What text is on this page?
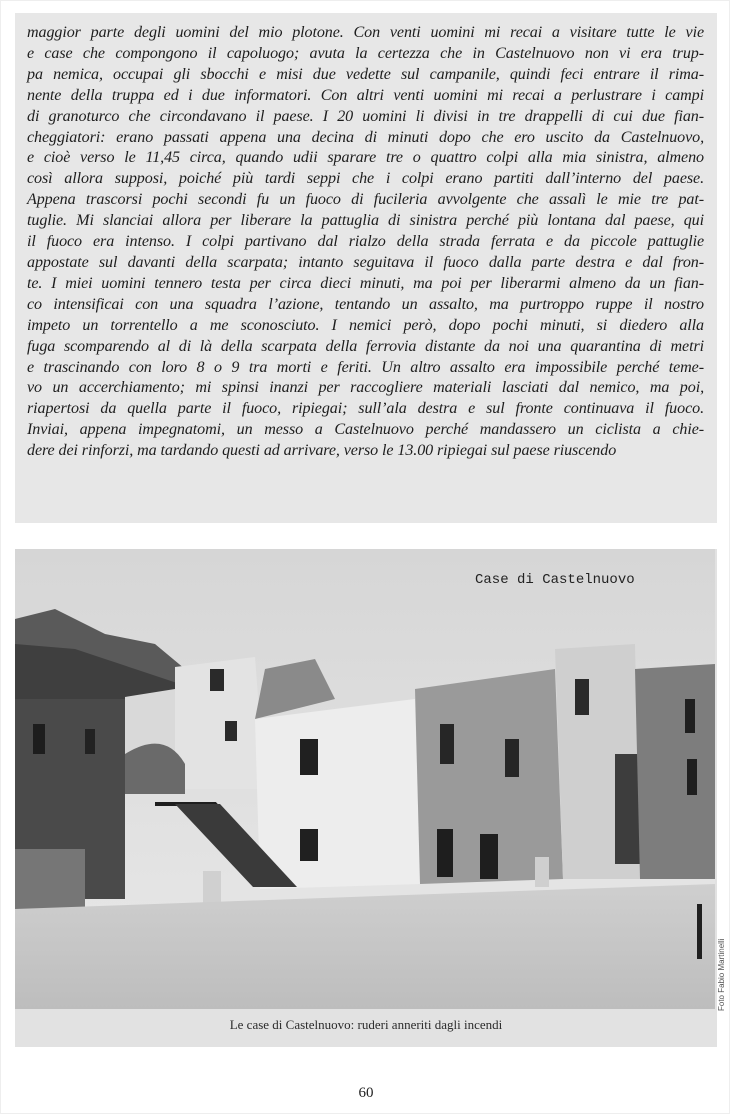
maggior parte degli uomini del mio plotone. Con venti uomini mi recai a visitare tutte le vie
e case che compongono il capoluogo; avuta la certezza che in Castelnuovo non vi era trup-
pa nemica, occupai gli sbocchi e misi due vedette sul campanile, quindi feci entrare il rima-
nente della truppa ed i due informatori. Con altri venti uomini mi recai a perlustrare i campi
di granoturco che circondavano il paese. I 20 uomini li divisi in tre drappelli di cui due fian-
cheggiatori: erano passati appena una decina di minuti dopo che ero uscito da Castelnuovo,
e cioè verso le 11,45 circa, quando udii sparare tre o quattro colpi alla mia sinistra, almeno
così allora supposi, poiché più tardi seppi che i colpi erano partiti dall’interno del paese.
Appena trascorsi pochi secondi fu un fuoco di fucileria avvolgente che assalì le mie tre pat-
tuglie. Mi slanciai allora per liberare la pattuglia di sinistra perché più lontana dal paese, qui
il fuoco era intenso. I colpi partivano dal rialzo della strada ferrata e da piccole pattuglie
appostate sul davanti della scarpata; intanto seguitava il fuoco dalla parte destra e dal fron-
te. I miei uomini tennero testa per circa dieci minuti, ma poi per liberarmi almeno da un fian-
co intensificai con una squadra l’azione, tentando un assalto, ma purtroppo ruppe il nostro
impeto un torrentello a me sconosciuto. I nemici però, dopo pochi minuti, si diedero alla
fuga scomparendo al di là della scarpata della ferrovia distante da noi una quarantina di metri
e trascinando con loro 8 o 9 tra morti e feriti. Un altro assalto era impossibile perché teme-
vo un accerchiamento; mi spinsi inanzi per raccogliere materiali lasciati dal nemico, ma poi,
riapertosi da quella parte il fuoco, ripiegai; sull’ala destra e sul fronte continuava il fuoco.
Inviai, appena impegnatomi, un messo a Castelnuovo perché mandassero un ciclista a chie-
dere dei rinforzi, ma tardando questi ad arrivare, verso le 13.00 ripiegai sul paese riuscendo
Case di Castelnuovo
Le case di Castelnuovo: ruderi anneriti dagli incendi
Foto Fabio Martinelli
60
